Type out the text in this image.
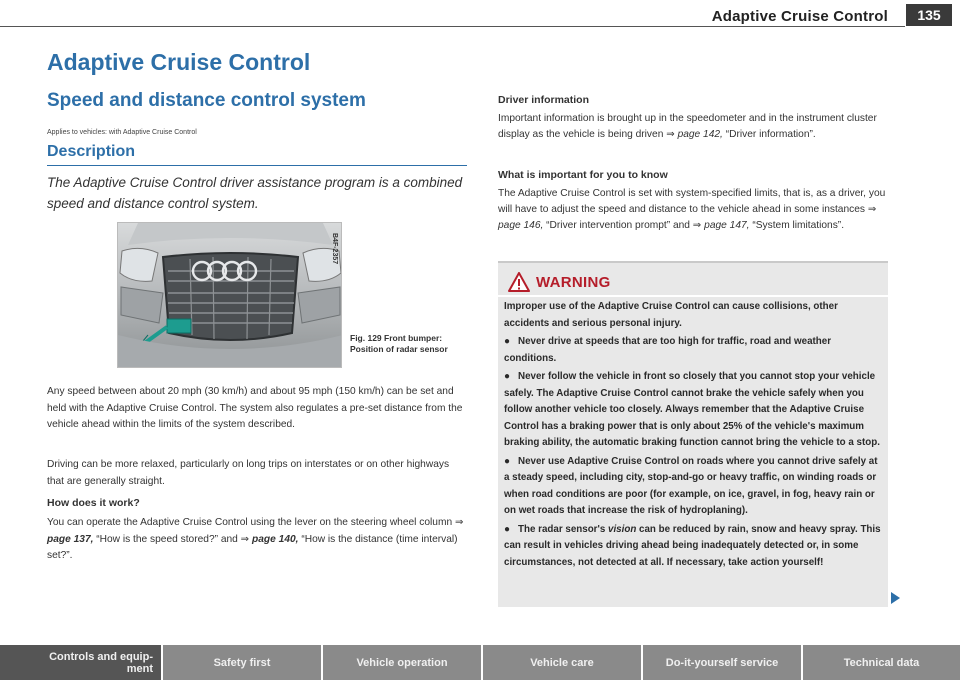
Adaptive Cruise Control	135
Adaptive Cruise Control
Speed and distance control system
Applies to vehicles: with Adaptive Cruise Control
Description
The Adaptive Cruise Control driver assistance program is a combined speed and distance control system.
B4F-2357
Fig. 129 Front bumper: Position of radar sensor
Any speed between about 20 mph (30 km/h) and about 95 mph (150 km/h) can be set and held with the Adaptive Cruise Control. The system also regulates a pre-set distance from the vehicle ahead within the limits of the system described.
Driving can be more relaxed, particularly on long trips on interstates or on other highways that are generally straight.
How does it work?
You can operate the Adaptive Cruise Control using the lever on the steering wheel column ⇒ page 137, “How is the speed stored?” and ⇒ page 140, “How is the distance (time interval) set?”.
Driver information
Important information is brought up in the speedometer and in the instrument cluster display as the vehicle is being driven ⇒ page 142, “Driver information”.
What is important for you to know
The Adaptive Cruise Control is set with system-specified limits, that is, as a driver, you will have to adjust the speed and distance to the vehicle ahead in some instances ⇒ page 146, “Driver intervention prompt” and ⇒ page 147, “System limitations”.
WARNING

Improper use of the Adaptive Cruise Control can cause collisions, other accidents and serious personal injury.

● Never drive at speeds that are too high for traffic, road and weather conditions.

● Never follow the vehicle in front so closely that you cannot stop your vehicle safely. The Adaptive Cruise Control cannot brake the vehicle safely when you follow another vehicle too closely. Always remember that the Adaptive Cruise Control has a braking power that is only about 25% of the vehicle's maximum braking ability, the automatic braking function cannot bring the vehicle to a stop.

● Never use Adaptive Cruise Control on roads where you cannot drive safely at a steady speed, including city, stop-and-go or heavy traffic, on winding roads or when road conditions are poor (for example, on ice, gravel, in fog, heavy rain or on wet roads that increase the risk of hydroplaning).

● The radar sensor's vision can be reduced by rain, snow and heavy spray. This can result in vehicles driving ahead being inadequately detected or, in some circumstances, not detected at all. If necessary, take action yourself!

Controls and equip-
ment	Safety first	Vehicle operation	Vehicle care	Do-it-yourself service	Technical data
